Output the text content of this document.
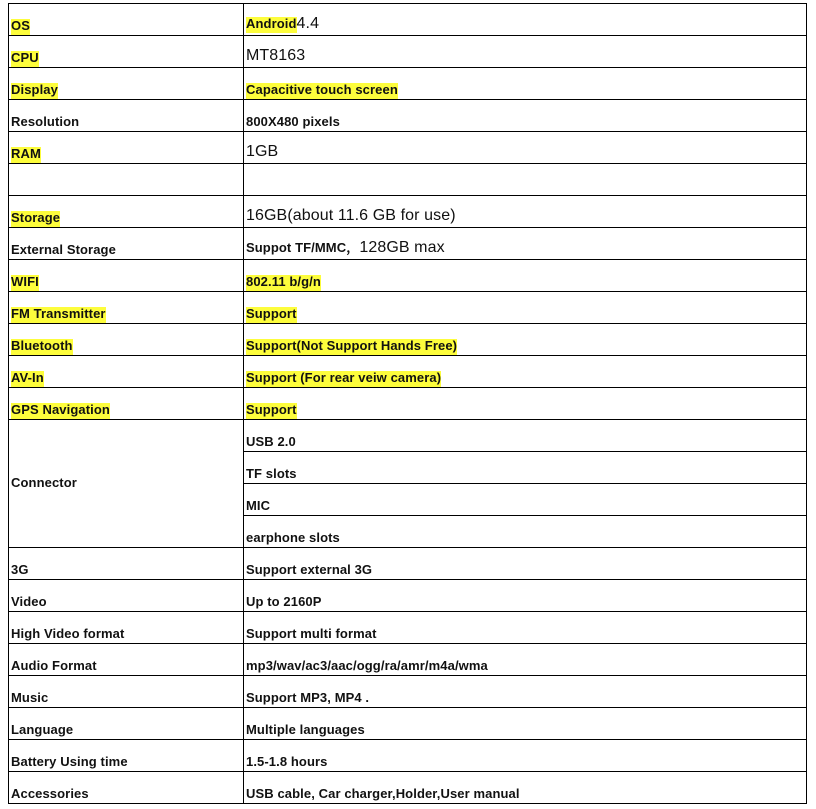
OS	Android4.4
CPU	MT8163
Display	Capacitive touch screen
Resolution	800X480 pixels
RAM	1GB

Storage	16GB(about 11.6 GB for use)
External Storage	Suppot TF/MMC，128GB max
WIFI	802.11 b/g/n
FM Transmitter	Support
Bluetooth	Support(Not Support Hands Free)
AV-In	Support (For rear veiw camera)
GPS Navigation	Support
Connector	USB 2.0
	TF slots
	MIC
	earphone slots
3G	Support external 3G
Video	Up to 2160P
High Video format	Support multi format
Audio Format	mp3/wav/ac3/aac/ogg/ra/amr/m4a/wma
Music	Support MP3, MP4 .
Language	Multiple languages
Battery Using time	1.5-1.8 hours
Accessories	USB cable, Car charger,Holder,User manual
